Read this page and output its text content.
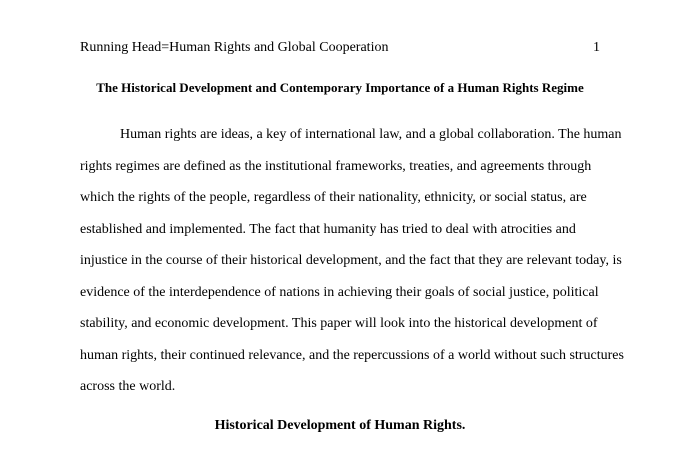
Running Head=Human Rights and Global Cooperation	1
The Historical Development and Contemporary Importance of a Human Rights Regime
Human rights are ideas, a key of international law, and a global collaboration. The human
rights regimes are defined as the institutional frameworks, treaties, and agreements through
which the rights of the people, regardless of their nationality, ethnicity, or social status, are
established and implemented. The fact that humanity has tried to deal with atrocities and
injustice in the course of their historical development, and the fact that they are relevant today, is
evidence of the interdependence of nations in achieving their goals of social justice, political
stability, and economic development. This paper will look into the historical development of
human rights, their continued relevance, and the repercussions of a world without such structures
across the world.
Historical Development of Human Rights.
